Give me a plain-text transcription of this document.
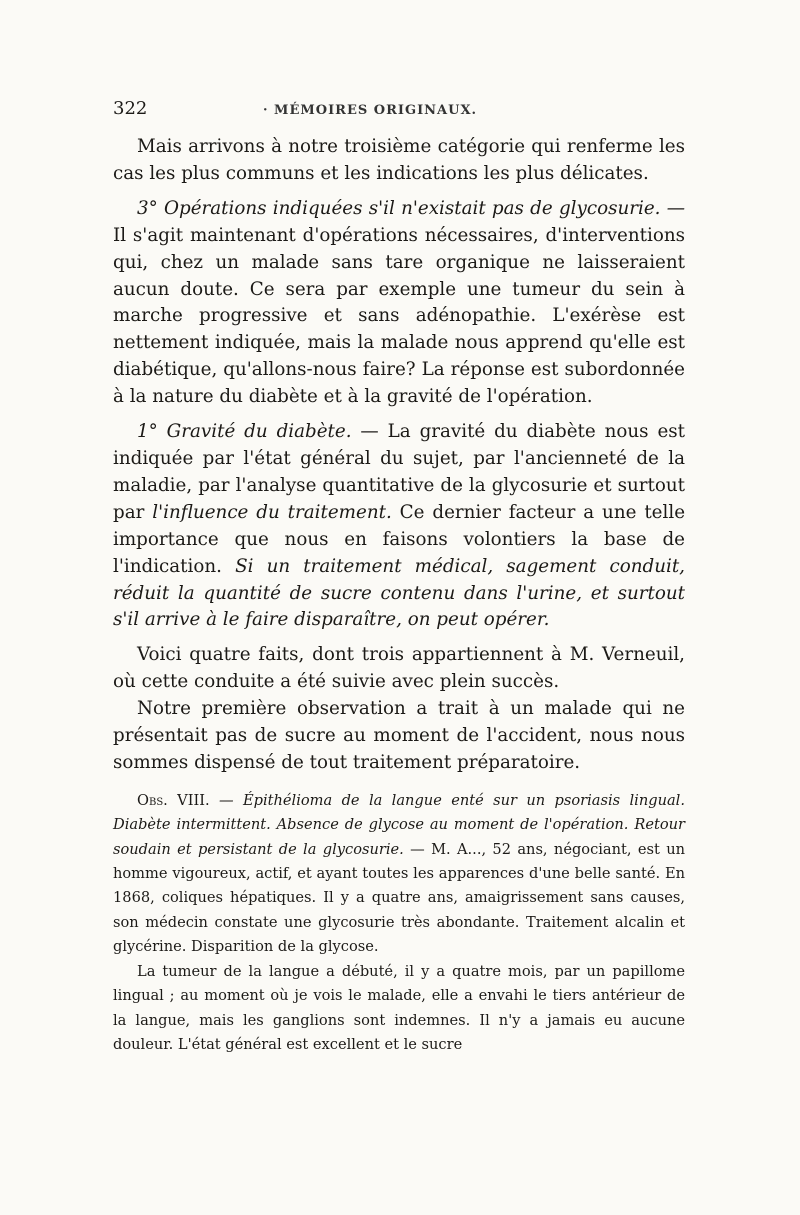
322	· MÉMOIRES ORIGINAUX.

Mais arrivons à notre troisième catégorie qui renferme les cas les plus communs et les indications les plus délicates.

3° Opérations indiquées s'il n'existait pas de glycosurie. — Il s'agit maintenant d'opérations nécessaires, d'interventions qui, chez un malade sans tare organique ne laisseraient aucun doute. Ce sera par exemple une tumeur du sein à marche progressive et sans adénopathie. L'exérèse est nettement indiquée, mais la malade nous apprend qu'elle est diabétique, qu'allons-nous faire? La réponse est subordonnée à la nature du diabète et à la gravité de l'opération.

1° Gravité du diabète. — La gravité du diabète nous est indiquée par l'état général du sujet, par l'ancienneté de la maladie, par l'analyse quantitative de la glycosurie et surtout par l'influence du traitement. Ce dernier facteur a une telle importance que nous en faisons volontiers la base de l'indication. Si un traitement médical, sagement conduit, réduit la quantité de sucre contenu dans l'urine, et surtout s'il arrive à le faire disparaître, on peut opérer.

Voici quatre faits, dont trois appartiennent à M. Verneuil, où cette conduite a été suivie avec plein succès.

Notre première observation a trait à un malade qui ne présentait pas de sucre au moment de l'accident, nous nous sommes dispensé de tout traitement préparatoire.

Obs. VIII. — Épithélioma de la langue enté sur un psoriasis lingual. Diabète intermittent. Absence de glycose au moment de l'opération. Retour soudain et persistant de la glycosurie. — M. A..., 52 ans, négociant, est un homme vigoureux, actif, et ayant toutes les apparences d'une belle santé. En 1868, coliques hépatiques. Il y a quatre ans, amaigrissement sans causes, son médecin constate une glycosurie très abondante. Traitement alcalin et glycérine. Disparition de la glycose.

La tumeur de la langue a débuté, il y a quatre mois, par un papillome lingual ; au moment où je vois le malade, elle a envahi le tiers antérieur de la langue, mais les ganglions sont indemnes. Il n'y a jamais eu aucune douleur. L'état général est excellent et le sucre
